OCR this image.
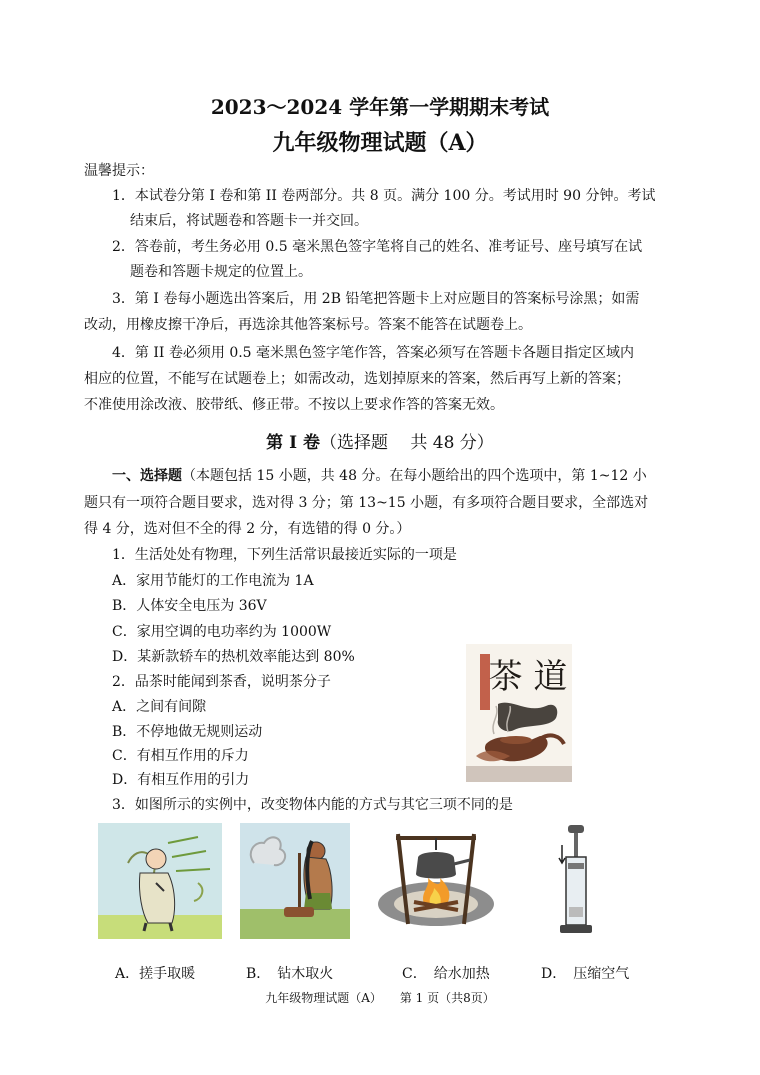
2023～2024 学年第一学期期末考试
九年级物理试题（A）
温馨提示：
1．本试卷分第 I 卷和第 II 卷两部分。共 8 页。满分 100 分。考试用时 90 分钟。考试
结束后，将试题卷和答题卡一并交回。
2．答卷前，考生务必用 0.5 毫米黑色签字笔将自己的姓名、准考证号、座号填写在试
题卷和答题卡规定的位置上。
3．第 I 卷每小题选出答案后，用 2B 铅笔把答题卡上对应题目的答案标号涂黑；如需
改动，用橡皮擦干净后，再选涂其他答案标号。答案不能答在试题卷上。
4．第 II 卷必须用 0.5 毫米黑色签字笔作答，答案必须写在答题卡各题目指定区域内
相应的位置，不能写在试题卷上；如需改动，选划掉原来的答案，然后再写上新的答案；
不准使用涂改液、胶带纸、修正带。不按以上要求作答的答案无效。
第 I 卷（选择题　 共 48 分）
一、选择题（本题包括 15 小题，共 48 分。在每小题给出的四个选项中，第 1~12 小
题只有一项符合题目要求，选对得 3 分；第 13~15 小题，有多项符合题目要求，全部选对
得 4 分，选对但不全的得 2 分，有选错的得 0 分。）
1．生活处处有物理，下列生活常识最接近实际的一项是
A．家用节能灯的工作电流为 1A
B．人体安全电压为 36V
C．家用空调的电功率约为 1000W
D．某新款轿车的热机效率能达到 80%
2．品茶时能闻到茶香，说明茶分子
A．之间有间隙
B．不停地做无规则运动
C．有相互作用的斥力
D．有相互作用的引力
茶 道
3．如图所示的实例中，改变物体内能的方式与其它三项不同的是
A．搓手取暖	B．　钻木取火	C．　给水加热	D．　压缩空气
九年级物理试题（A）　　第 1 页（共8页）
